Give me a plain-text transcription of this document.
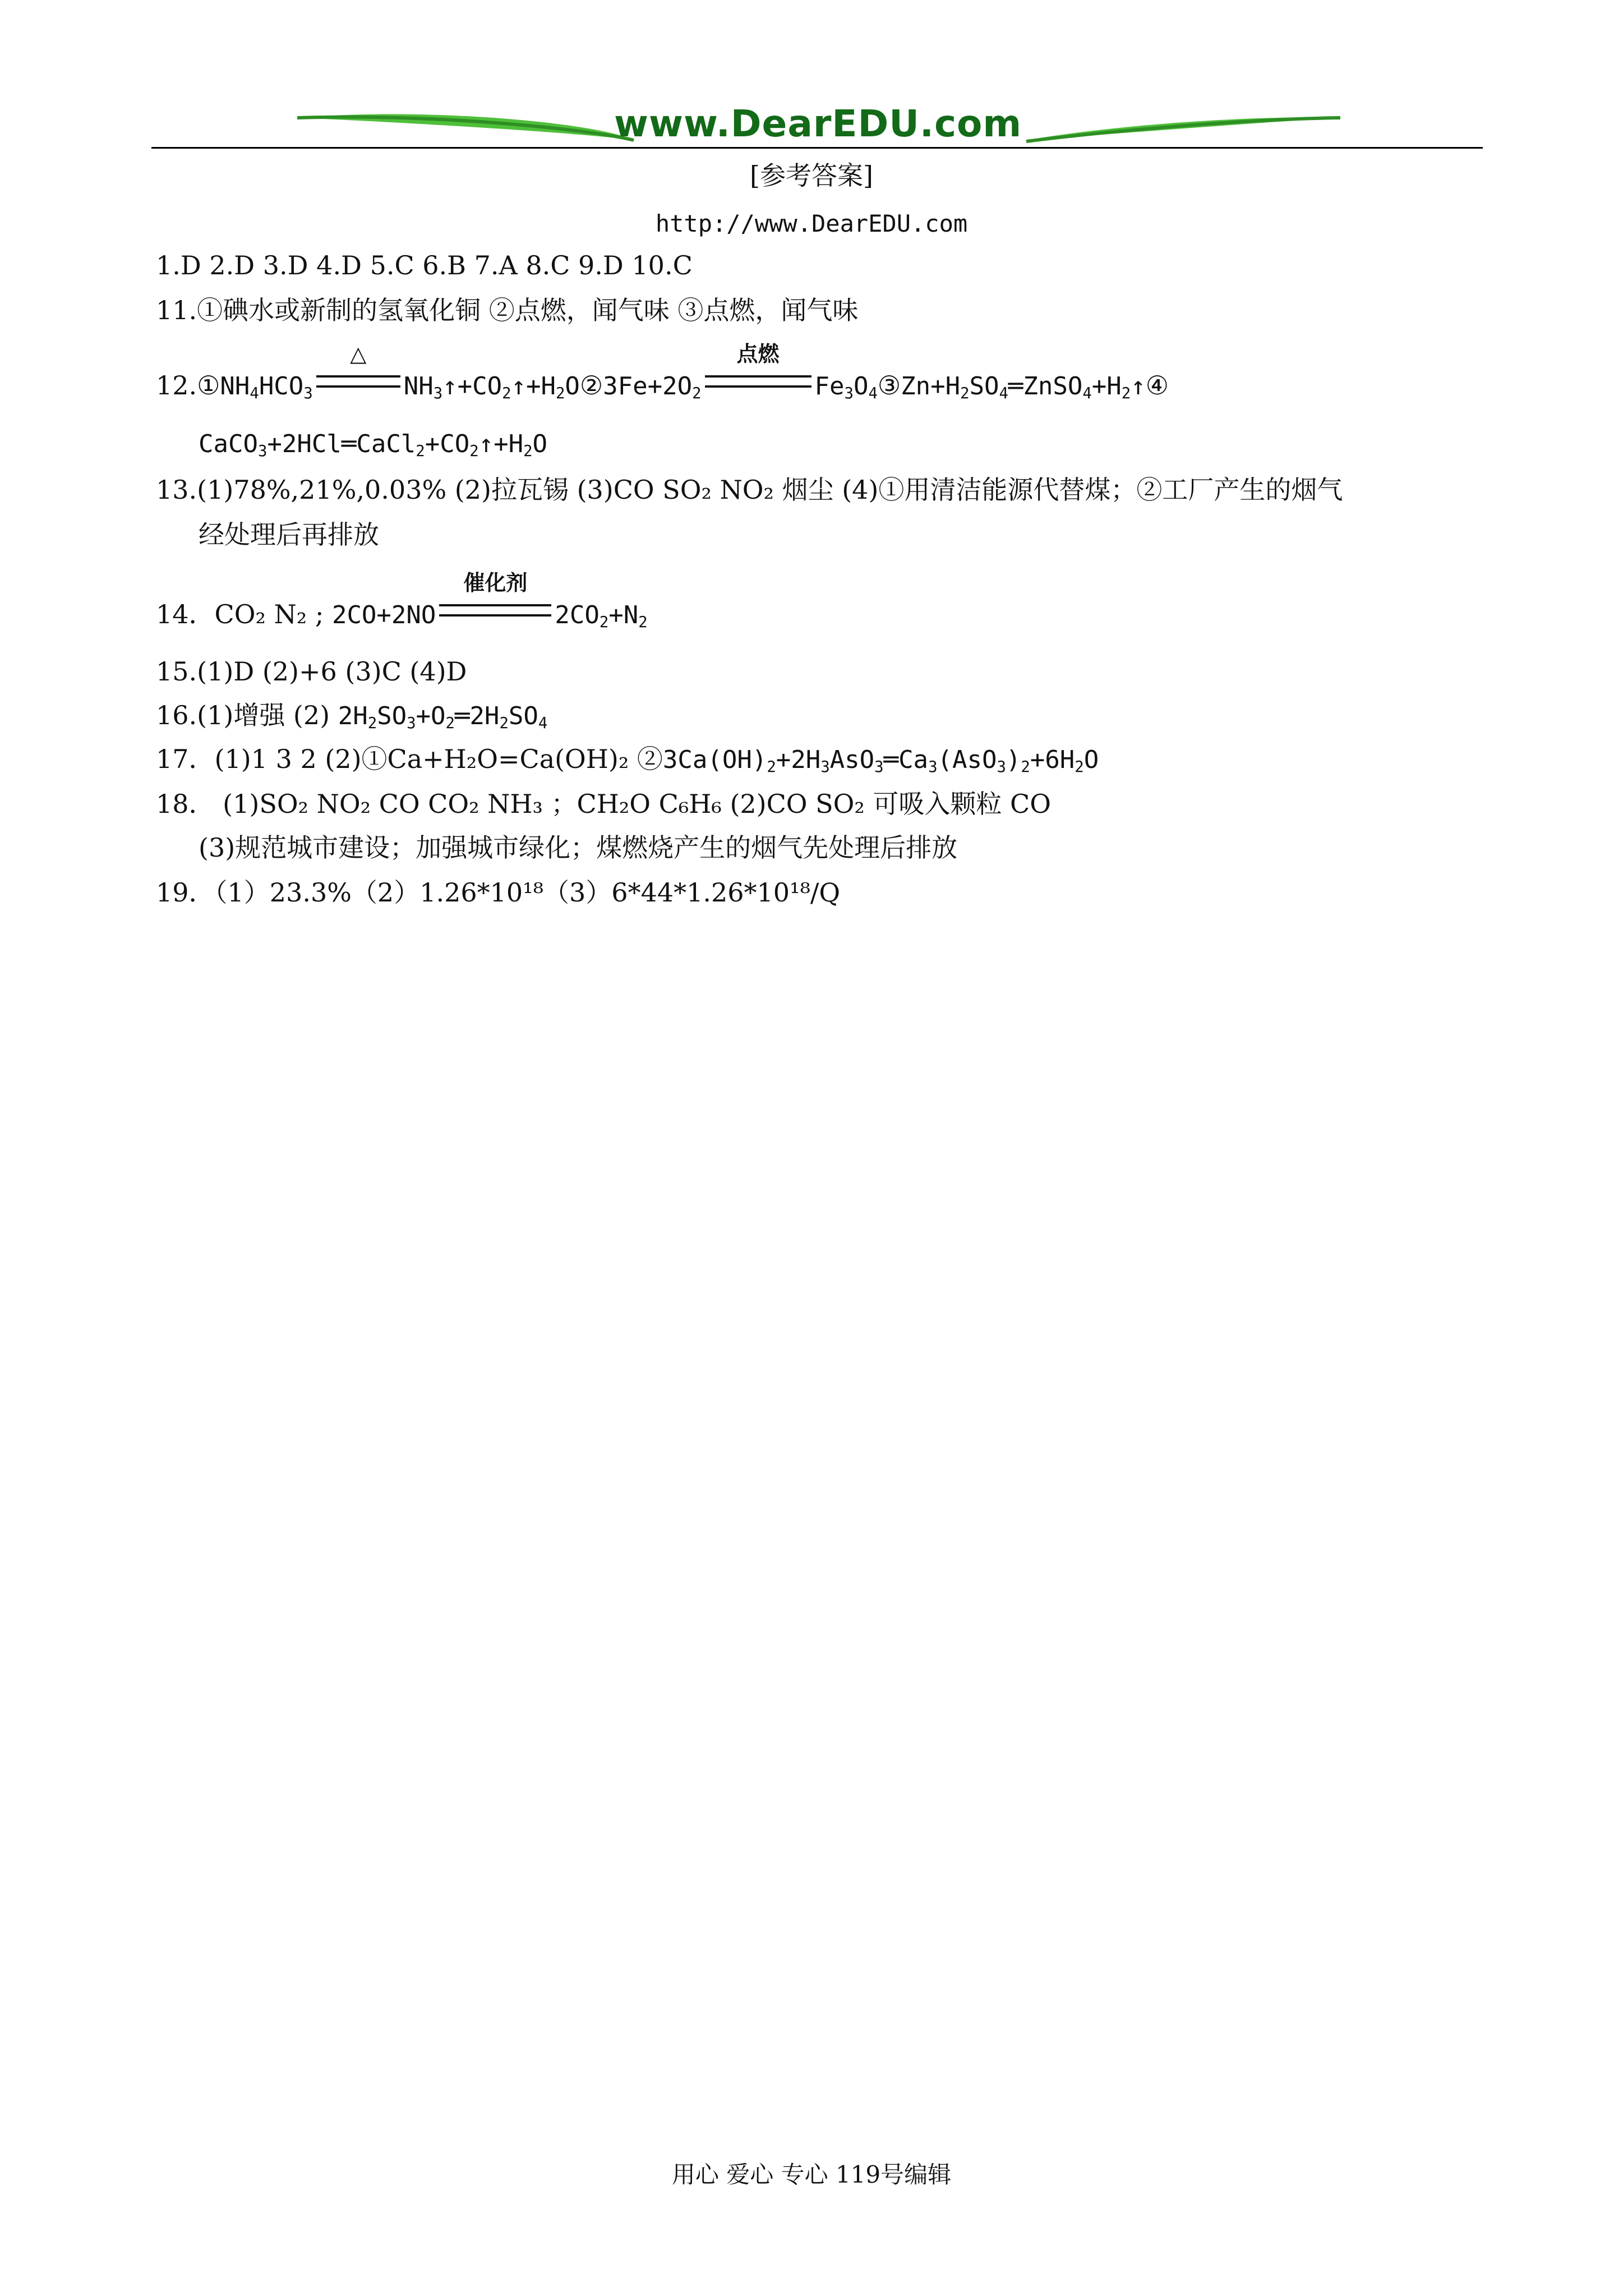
www.DearEDU.com
[参考答案]
http://www.DearEDU.com
1.D 2.D 3.D 4.D 5.C 6.B 7.A 8.C 9.D 10.C
11.①碘水或新制的氢氧化铜 ②点燃，闻气味 ③点燃，闻气味
$12.①NH_4HCO_3$
△
$NH_3↑+CO_2↑+H_2O②3Fe+2O_2$
点燃
$Fe_3O_4③Zn+H_2SO_4═ZnSO_4+H_2↑④$
$CaCO_3+2HCl═CaCl_2+CO_2↑+H_2O$
13.(1)78%,21%,0.03% (2)拉瓦锡 (3)CO SO₂ NO₂ 烟尘 (4)①用清洁能源代替煤；②工厂产生的烟气
经处理后再排放
14．CO₂ N₂ ; 2CO+2NO
催化剂
$2CO_2+N_2$
15.(1)D (2)+6 (3)C (4)D
16.(1)增强 (2) $2H_2SO_3+O_2═2H_2SO_4$
17．(1)1 3 2 (2)①Ca+H₂O=Ca(OH)₂ $②3Ca(OH)_2+2H_3AsO_3═Ca_3(AsO_3)_2+6H_2O$
18． (1)SO₂ NO₂ CO CO₂ NH₃ ；CH₂O C₆H₆ (2)CO SO₂ 可吸入颗粒 CO
(3)规范城市建设；加强城市绿化；煤燃烧产生的烟气先处理后排放
19．（1）23.3%（2）1.26*10¹⁸（3）6*44*1.26*10¹⁸/Q
用心 爱心 专心 119号编辑
